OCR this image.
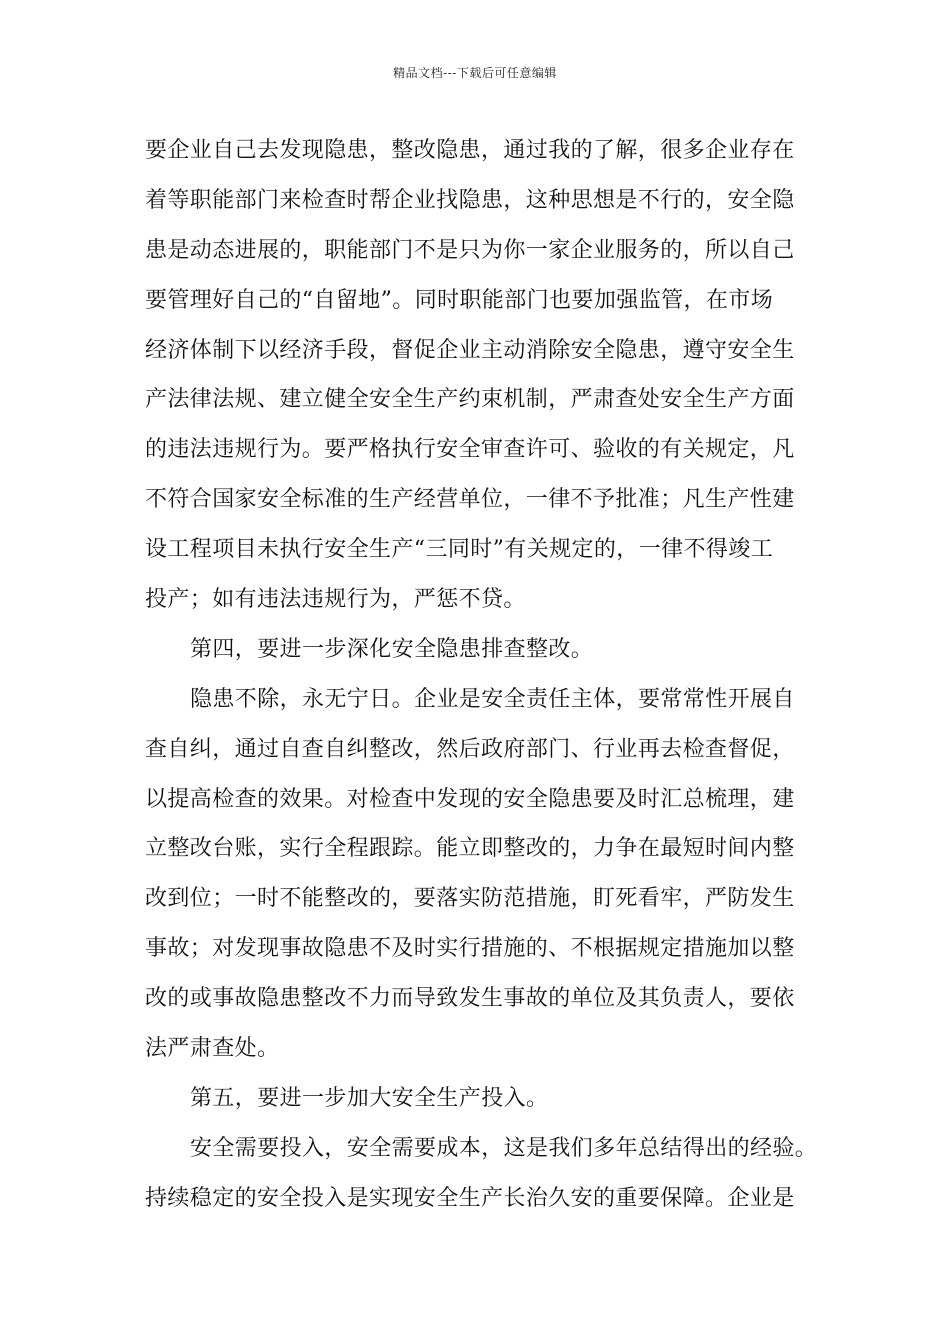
精品文档---下载后可任意编辑
要企业自己去发现隐患，整改隐患，通过我的了解，很多企业存在
着等职能部门来检查时帮企业找隐患，这种思想是不行的，安全隐
患是动态进展的，职能部门不是只为你一家企业服务的，所以自己
要管理好自己的“自留地”。同时职能部门也要加强监管，在市场
经济体制下以经济手段，督促企业主动消除安全隐患，遵守安全生
产法律法规、建立健全安全生产约束机制，严肃查处安全生产方面
的违法违规行为。要严格执行安全审查许可、验收的有关规定，凡
不符合国家安全标准的生产经营单位，一律不予批准；凡生产性建
设工程项目未执行安全生产“三同时”有关规定的，一律不得竣工
投产；如有违法违规行为，严惩不贷。
第四，要进一步深化安全隐患排查整改。
隐患不除，永无宁日。企业是安全责任主体，要常常性开展自
查自纠，通过自查自纠整改，然后政府部门、行业再去检查督促，
以提高检查的效果。对检查中发现的安全隐患要及时汇总梳理，建
立整改台账，实行全程跟踪。能立即整改的，力争在最短时间内整
改到位；一时不能整改的，要落实防范措施，盯死看牢，严防发生
事故；对发现事故隐患不及时实行措施的、不根据规定措施加以整
改的或事故隐患整改不力而导致发生事故的单位及其负责人，要依
法严肃查处。
第五，要进一步加大安全生产投入。
安全需要投入，安全需要成本，这是我们多年总结得出的经验。
持续稳定的安全投入是实现安全生产长治久安的重要保障。企业是
